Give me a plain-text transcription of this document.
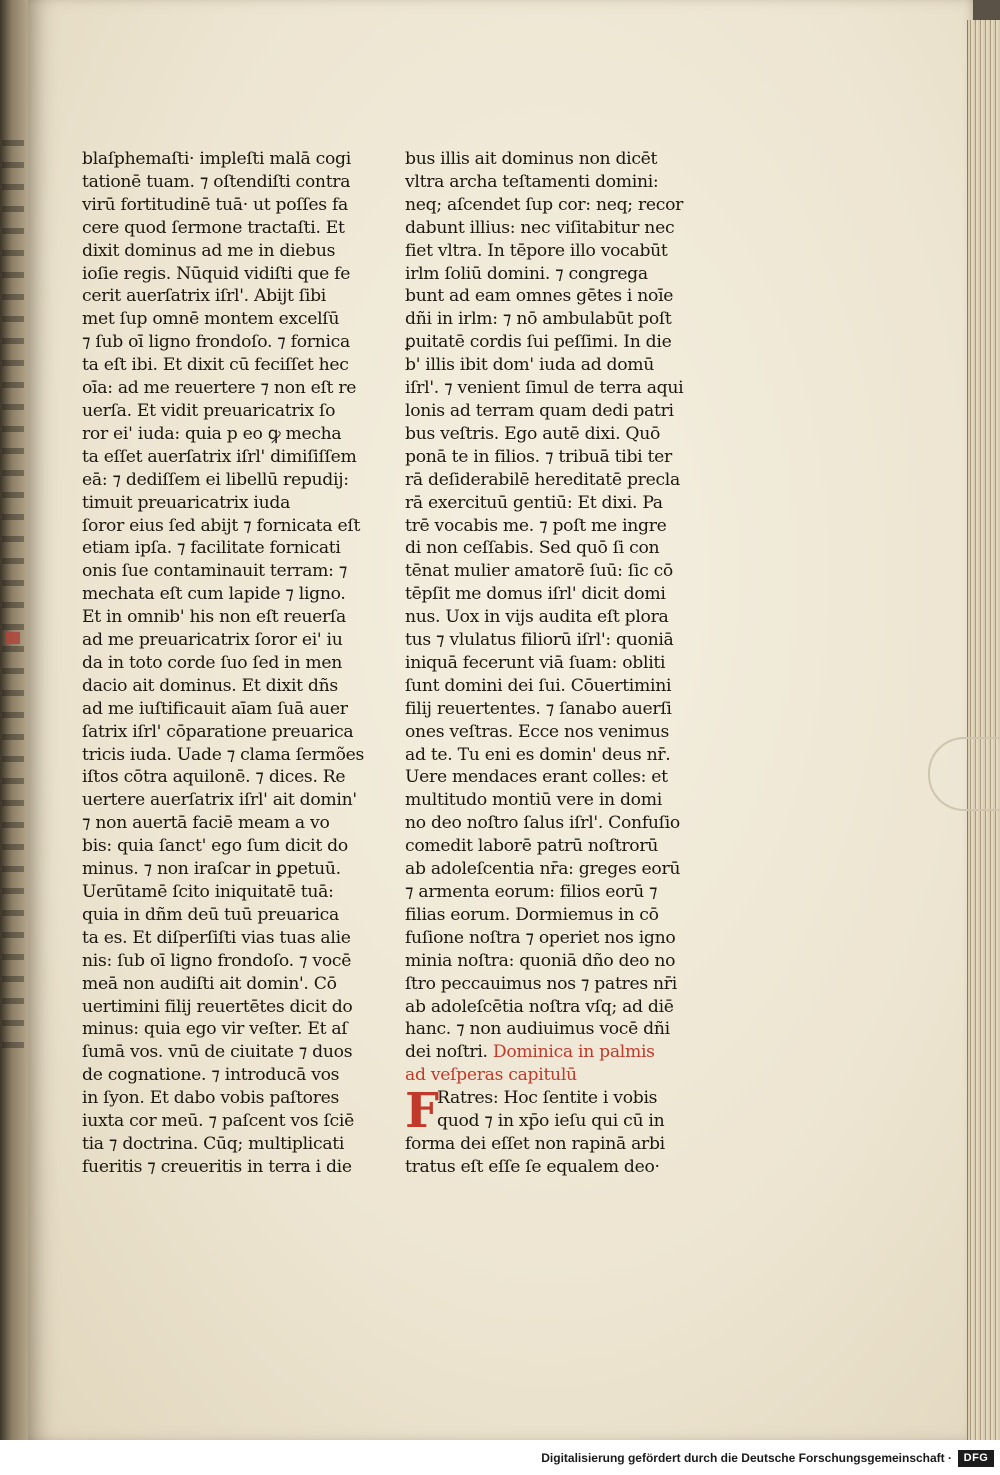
blaſphemaſti· impleſti malā cogi
tationē tuam. ⁊ oſtendiſti contra
virū fortitudinē tuā· ut poſſes fa
cere quod ſermone tractaſti. Et
dixit dominus ad me in diebus
ioſie regis. Nūquid vidiſti que fe
cerit auerſatrix iſrl'. Abijt ſibi
met ſup omnē montem excelſū
⁊ ſub oī ligno frondoſo. ⁊ fornica
ta eſt ibi. Et dixit cū feciſſet hec
oīa: ad me reuertere ⁊ non eſt re
uerſa. Et vidit preuaricatrix ſo
ror ei' iuda: quia p eo ꝙ mecha
ta eſſet auerſatrix iſrl' dimiſiſſem
eā: ⁊ dediſſem ei libellū repudij:
timuit preuaricatrix iuda
ſoror eius ſed abijt ⁊ fornicata eſt
etiam ipſa. ⁊ facilitate fornicati
onis ſue contaminauit terram: ⁊
mechata eſt cum lapide ⁊ ligno.
Et in omnib' his non eſt reuerſa
ad me preuaricatrix ſoror ei' iu
da in toto corde ſuo ſed in men
dacio ait dominus. Et dixit dñs
ad me iuſtificauit aīam ſuā auer
ſatrix iſrl' cōparatione preuarica
tricis iuda. Uade ⁊ clama ſermões
iſtos cōtra aquilonē. ⁊ dices. Re
uertere auerſatrix iſrl' ait domin'
⁊ non auertā faciē meam a vo
bis: quia ſanct' ego ſum dicit do
minus. ⁊ non iraſcar in ꝑpetuū.
Uerūtamē ſcito iniquitatē tuā:
quia in dñm deū tuū preuarica
ta es. Et diſperſiſti vias tuas alie
nis: ſub oī ligno frondoſo. ⁊ vocē
meā non audiſti ait domin'. Cō
uertimini filij reuertētes dicit do
minus: quia ego vir veſter. Et aſ
ſumā vos. vnū de ciuitate ⁊ duos
de cognatione. ⁊ introducā vos
in ſyon. Et dabo vobis paſtores
iuxta cor meū. ⁊ paſcent vos ſciē
tia ⁊ doctrina. Cūq; multiplicati
fueritis ⁊ creueritis in terra i die
bus illis ait dominus non dicēt
vltra archa teſtamenti domini:
neq; aſcendet ſup cor: neq; recor
dabunt illius: nec viſitabitur nec
fiet vltra. In tēpore illo vocabūt
irlm ſoliū domini. ⁊ congrega
bunt ad eam omnes gētes i noīe
dñi in irlm: ⁊ nō ambulabūt poſt
ꝑuitatē cordis ſui peſſimi. In die
b' illis ibit dom' iuda ad domū
iſrl'. ⁊ venient ſimul de terra aqui
lonis ad terram quam dedi patri
bus veſtris. Ego autē dixi. Quō
ponā te in filios. ⁊ tribuā tibi ter
rā deſiderabilē hereditatē precla
rā exercituū gentiū: Et dixi. Pa
trē vocabis me. ⁊ poſt me ingre
di non ceſſabis. Sed quō ſi con
tēnat mulier amatorē ſuū: ſic cō
tēpſit me domus iſrl' dicit domi
nus. Uox in vijs audita eſt plora
tus ⁊ vlulatus filiorū iſrl': quoniā
iniquā fecerunt viā ſuam: obliti
ſunt domini dei ſui. Cōuertimini
filij reuertentes. ⁊ ſanabo auerſi
ones veſtras. Ecce nos venimus
ad te. Tu eni es domin' deus nr̄.
Uere mendaces erant colles: et
multitudo montiū vere in domi
no deo noſtro ſalus iſrl'. Confuſio
comedit laborē patrū noſtrorū
ab adoleſcentia nr̄a: greges eorū
⁊ armenta eorum: filios eorū ⁊
filias eorum. Dormiemus in cō
fuſione noſtra ⁊ operiet nos igno
minia noſtra: quoniā dño deo no
ſtro peccauimus nos ⁊ patres nr̄i
ab adoleſcētia noſtra vſq; ad diē
hanc. ⁊ non audiuimus vocē dñi
dei noſtri. Dominica in palmis
ad veſperas capitulū
F
Ratres: Hoc ſentite i vobis
quod ⁊ in xp̄o ieſu qui cū in
forma dei eſſet non rapinā arbi
tratus eſt eſſe ſe equalem deo·
Digitalisierung gefördert durch die Deutsche Forschungsgemeinschaft ·	DFG
